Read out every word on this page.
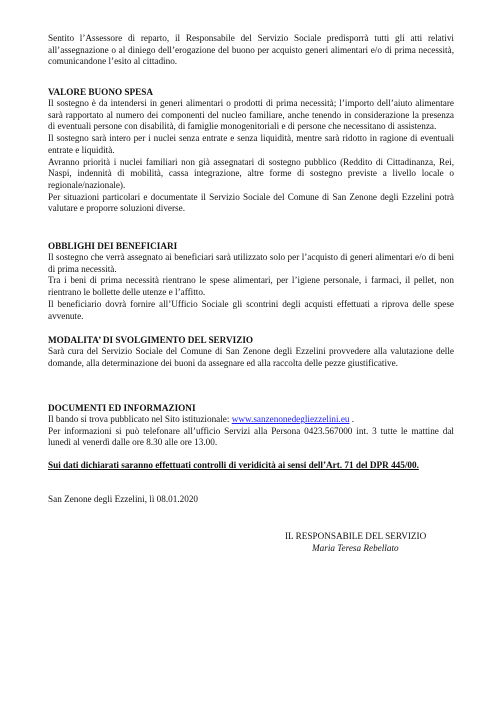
Sentito l’Assessore di reparto, il Responsabile del Servizio Sociale predisporrà tutti gli atti relativi all’assegnazione o al diniego dell’erogazione del buono per acquisto generi alimentari e/o di prima necessità, comunicandone l’esito al cittadino.

VALORE BUONO SPESA

Il sostegno è da intendersi in generi alimentari o prodotti di prima necessità; l’importo dell’aiuto alimentare sarà rapportato al numero dei componenti del nucleo familiare, anche tenendo in considerazione la presenza di eventuali persone con disabilità, di famiglie monogenitoriali e di persone che necessitano di assistenza.

Il sostegno sarà intero per i nuclei senza entrate e senza liquidità, mentre sarà ridotto in ragione di eventuali entrate e liquidità.

Avranno priorità i nuclei familiari non già assegnatari di sostegno pubblico (Reddito di Cittadinanza, Rei, Naspi, indennità di mobilità, cassa integrazione, altre forme di sostegno previste a livello locale o regionale/nazionale).

Per situazioni particolari e documentate il Servizio Sociale del Comune di San Zenone degli Ezzelini potrà valutare e proporre soluzioni diverse.

OBBLIGHI DEI BENEFICIARI

Il sostegno che verrà assegnato ai beneficiari sarà utilizzato solo per l’acquisto di generi alimentari e/o di beni di prima necessità.

Tra i beni di prima necessità rientrano le spese alimentari, per l’igiene personale, i farmaci, il pellet, non rientrano le bollette delle utenze e l’affitto.

Il beneficiario dovrà fornire all’Ufficio Sociale gli scontrini degli acquisti effettuati a riprova delle spese avvenute.

MODALITA’ DI SVOLGIMENTO DEL SERVIZIO

Sarà cura del Servizio Sociale del Comune di San Zenone degli Ezzelini provvedere alla valutazione delle domande, alla determinazione dei buoni da assegnare ed alla raccolta delle pezze giustificative.

DOCUMENTI ED INFORMAZIONI

Il bando si trova pubblicato nel Sito istituzionale: www.sanzenonedegliezzelini.eu .

Per informazioni si può telefonare all’ufficio Servizi alla Persona 0423.567000 int. 3 tutte le mattine dal lunedì al venerdì dalle ore 8.30 alle ore 13.00.

Sui dati dichiarati saranno effettuati controlli di veridicità ai sensi dell’Art. 71 del DPR 445/00.

San Zenone degli Ezzelini, lì 08.01.2020

IL RESPONSABILE DEL SERVIZIO
Maria Teresa Rebellato
